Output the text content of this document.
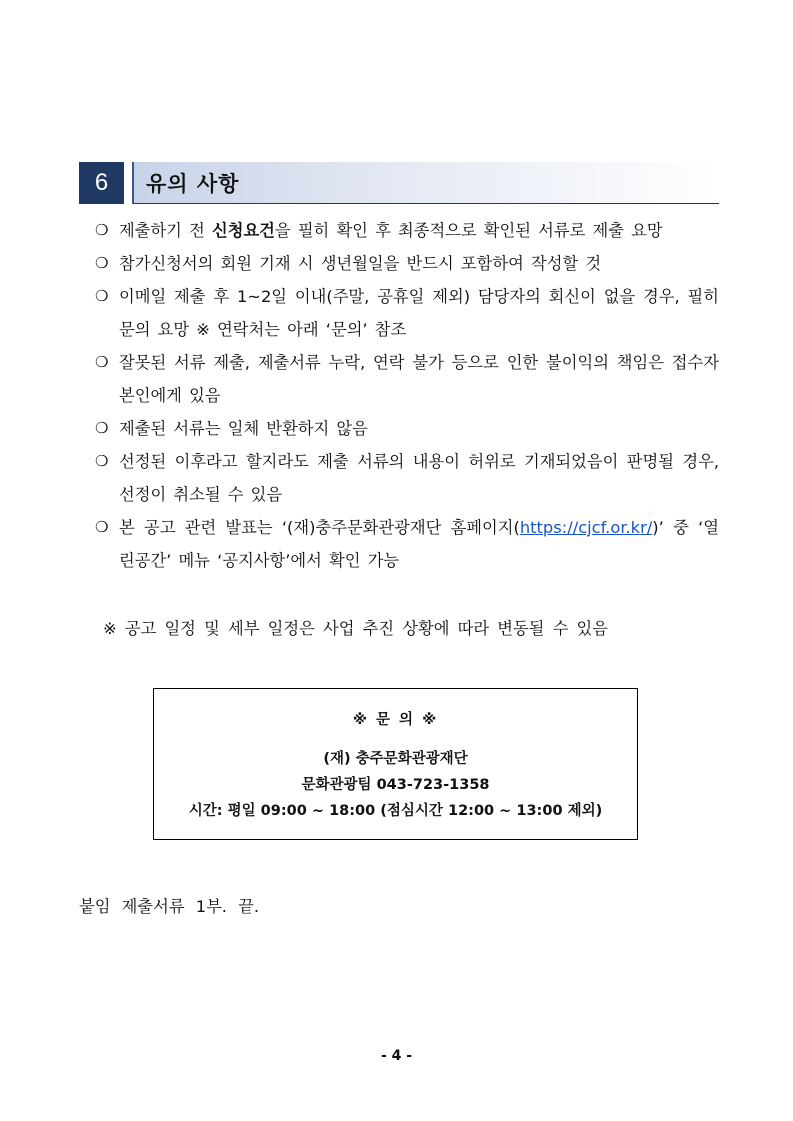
6	유의 사항
❍ 제출하기 전 신청요건을 필히 확인 후 최종적으로 확인된 서류로 제출 요망
❍ 참가신청서의 회원 기재 시 생년월일을 반드시 포함하여 작성할 것
❍ 이메일 제출 후 1~2일 이내(주말, 공휴일 제외) 담당자의 회신이 없을 경우, 필히 문의 요망 ※ 연락처는 아래 ‘문의’ 참조
❍ 잘못된 서류 제출, 제출서류 누락, 연락 불가 등으로 인한 불이익의 책임은 접수자 본인에게 있음
❍ 제출된 서류는 일체 반환하지 않음
❍ 선정된 이후라고 할지라도 제출 서류의 내용이 허위로 기재되었음이 판명될 경우, 선정이 취소될 수 있음
❍ 본 공고 관련 발표는 ‘(재)충주문화관광재단 홈페이지(https://cjcf.or.kr/)’ 중 ‘열린공간’ 메뉴 ‘공지사항’에서 확인 가능
※ 공고 일정 및 세부 일정은 사업 추진 상황에 따라 변동될 수 있음
※ 문 의 ※
(재) 충주문화관광재단
문화관광팀 043-723-1358
시간: 평일 09:00 ~ 18:00 (점심시간 12:00 ~ 13:00 제외)
붙임 제출서류 1부. 끝.
- 4 -
